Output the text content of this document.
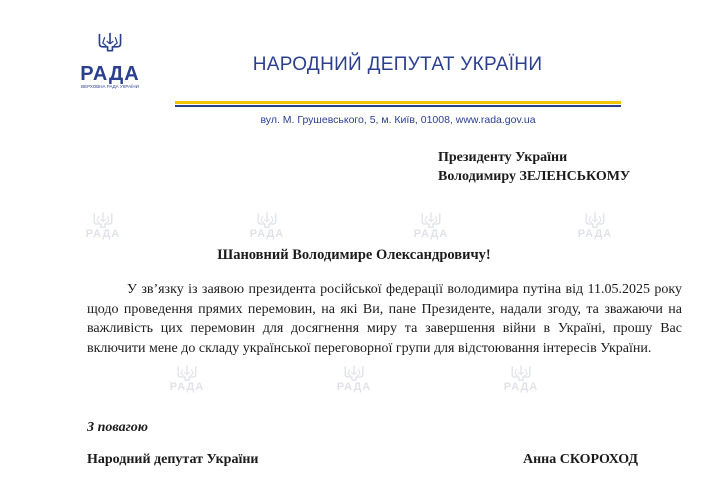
РАДА
ВЕРХОВНА РАДА УКРАЇНИ
НАРОДНИЙ ДЕПУТАТ УКРАЇНИ
вул. М. Грушевського, 5, м. Київ, 01008, www.rada.gov.ua
РАДА	РАДА	РАДА	РАДА
РАДА	РАДА	РАДА
Президенту України
Володимиру ЗЕЛЕНСЬКОМУ
Шановний Володимире Олександровичу!
У зв’язку із заявою президента російської федерації володимира путіна від 11.05.2025 року щодо проведення прямих перемовин, на які Ви, пане Президенте, надали згоду, та зважаючи на важливість цих перемовин для досягнення миру та завершення війни в Україні, прошу Вас включити мене до складу української переговорної групи для відстоювання інтересів України.
З повагою
Народний депутат України	Анна СКОРОХОД
